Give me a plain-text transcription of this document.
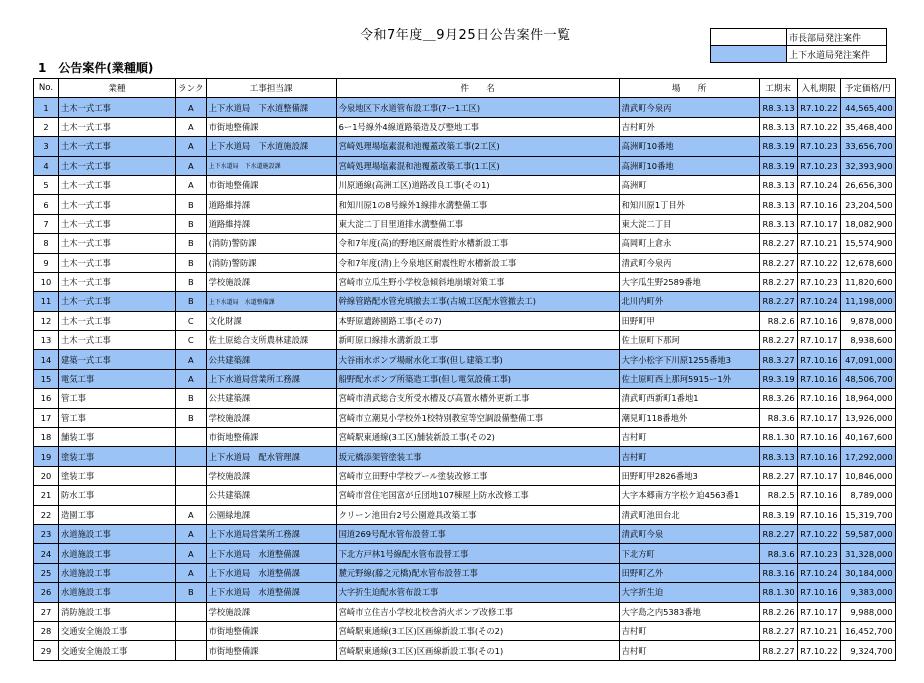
令和7年度＿9月25日公告案件一覧
		市長部局発注案件
	上下水道局発注案件
1　公告案件(業種順)
No.	業種	ランク	工事担当課	件　　名	場　　所	工期末	入札期限	予定価格/円
1	土木一式工事	A	上下水道局　下水道整備課	今泉地区下水道管布設工事(7ー1工区)	清武町今泉丙	R8.3.13	R7.10.22	44,565,400
2	土木一式工事	A	市街地整備課	6ー1号線外4線道路築造及び整地工事	吉村町外	R8.3.13	R7.10.22	35,468,400
3	土木一式工事	A	上下水道局　下水道施設課	宮崎処理場塩素混和池覆蓋改築工事(2工区)	高洲町10番地	R8.3.19	R7.10.23	33,656,700
4	土木一式工事	A	上下水道局　下水道施設課	宮崎処理場塩素混和池覆蓋改築工事(1工区)	高洲町10番地	R8.3.19	R7.10.23	32,393,900
5	土木一式工事	A	市街地整備課	川原通線(高洲工区)道路改良工事(その1)	高洲町	R8.3.13	R7.10.24	26,656,300
6	土木一式工事	B	道路維持課	和知川原1の8号線外1線排水溝整備工事	和知川原1丁目外	R8.3.13	R7.10.16	23,204,500
7	土木一式工事	B	道路維持課	東大淀二丁目里道排水溝整備工事	東大淀二丁目	R8.3.13	R7.10.17	18,082,900
8	土木一式工事	B	(消防)警防課	令和7年度(高)的野地区耐震性貯水槽新設工事	高岡町上倉永	R8.2.27	R7.10.21	15,574,900
9	土木一式工事	B	(消防)警防課	令和7年度(清)上今泉地区耐震性貯水槽新設工事	清武町今泉丙	R8.2.27	R7.10.22	12,678,600
10	土木一式工事	B	学校施設課	宮崎市立瓜生野小学校急傾斜地崩壊対策工事	大字瓜生野2589番地	R8.2.27	R7.10.23	11,820,600
11	土木一式工事	B	上下水道局　水道整備課	幹線管路配水管充填撤去工事(古城工区配水管撤去工)	北川内町外	R8.2.27	R7.10.24	11,198,000
12	土木一式工事	C	文化財課	本野原遺跡園路工事(その7)	田野町甲	R8.2.6	R7.10.16	9,878,000
13	土木一式工事	C	佐土原総合支所農林建設課	新町原口線排水溝新設工事	佐土原町下那珂	R8.2.27	R7.10.17	8,938,600
14	建築一式工事	A	公共建築課	大谷雨水ポンプ場耐水化工事(但し建築工事)	大字小松字下川原1255番地3	R8.3.27	R7.10.16	47,091,000
15	電気工事	A	上下水道局営業所工務課	船野配水ポンプ所築造工事(但し電気設備工事)	佐土原町西上那珂5915ー1外	R9.3.19	R7.10.16	48,506,700
16	管工事	B	公共建築課	宮崎市清武総合支所受水槽及び高置水槽外更新工事	清武町西新町1番地1	R8.3.26	R7.10.16	18,964,000
17	管工事	B	学校施設課	宮崎市立潮見小学校外1校特別教室等空調設備整備工事	潮見町118番地外	R8.3.6	R7.10.17	13,926,000
18	舗装工事		市街地整備課	宮崎駅東通線(3工区)舗装新設工事(その2)	吉村町	R8.1.30	R7.10.16	40,167,600
19	塗装工事		上下水道局　配水管理課	坂元橋添架管塗装工事	吉村町	R8.3.13	R7.10.16	17,292,000
20	塗装工事		学校施設課	宮崎市立田野中学校プール塗装改修工事	田野町甲2826番地3	R8.2.27	R7.10.17	10,846,000
21	防水工事		公共建築課	宮崎市営住宅国富が丘団地107棟屋上防水改修工事	大字本郷南方字松ケ迫4563番1	R8.2.5	R7.10.16	8,789,000
22	造園工事	A	公園緑地課	クリーン池田台2号公園遊具改築工事	清武町池田台北	R8.3.19	R7.10.16	15,319,700
23	水道施設工事	A	上下水道局営業所工務課	国道269号配水管布設替工事	清武町今泉	R8.2.27	R7.10.22	59,587,000
24	水道施設工事	A	上下水道局　水道整備課	下北方戸林1号線配水管布設替工事	下北方町	R8.3.6	R7.10.23	31,328,000
25	水道施設工事	A	上下水道局　水道整備課	麓元野線(藤之元橋)配水管布設替工事	田野町乙外	R8.3.16	R7.10.24	30,184,000
26	水道施設工事	B	上下水道局　水道整備課	大字折生迫配水管布設工事	大字折生迫	R8.1.30	R7.10.16	9,383,000
27	消防施設工事		学校施設課	宮崎市立住吉小学校北校舎消火ポンプ改修工事	大字島之内5383番地	R8.2.26	R7.10.17	9,988,000
28	交通安全施設工事		市街地整備課	宮崎駅東通線(3工区)区画線新設工事(その2)	吉村町	R8.2.27	R7.10.21	16,452,700
29	交通安全施設工事		市街地整備課	宮崎駅東通線(3工区)区画線新設工事(その1)	吉村町	R8.2.27	R7.10.22	9,324,700
